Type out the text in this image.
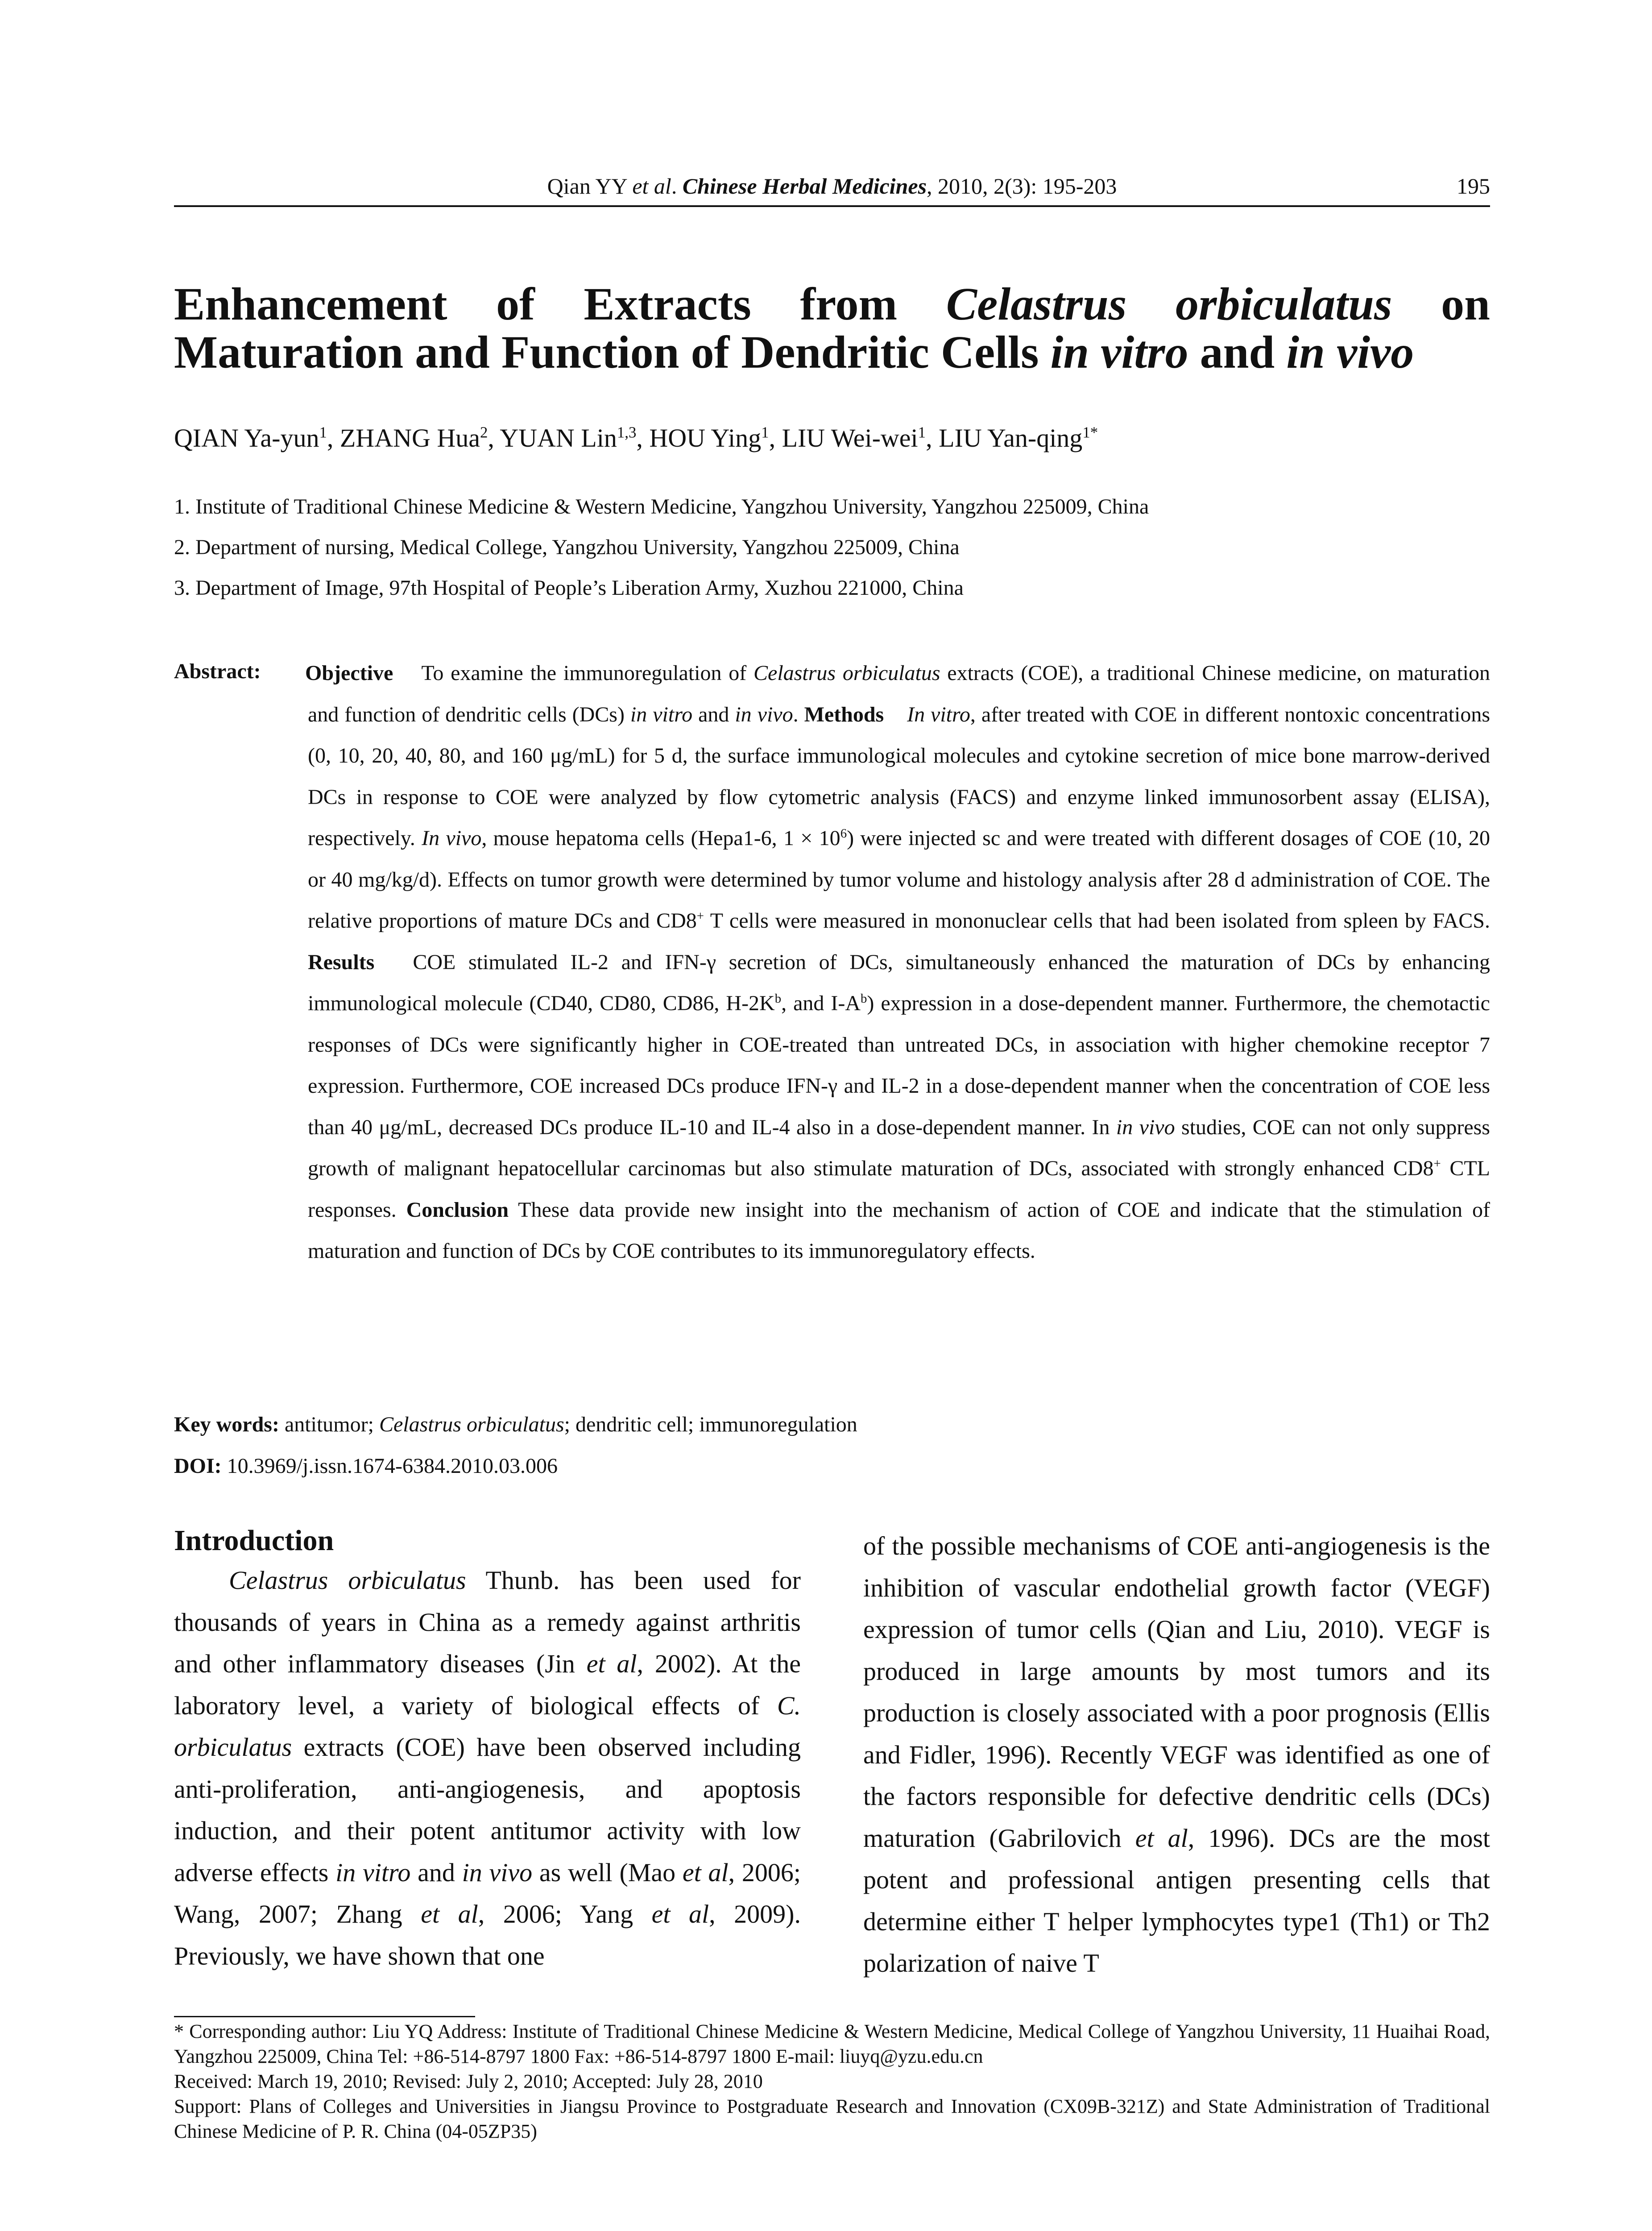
Qian YY et al. Chinese Herbal Medicines, 2010, 2(3): 195-203	195
Enhancement of Extracts from Celastrus orbiculatus on
Maturation and Function of Dendritic Cells in vitro and in vivo
QIAN Ya-yun$^1$, ZHANG Hua$^2$, YUAN Lin$^{1,3}$, HOU Ying$^1$, LIU Wei-wei$^1$, LIU Yan-qing$^{1*}$
1. Institute of Traditional Chinese Medicine & Western Medicine, Yangzhou University, Yangzhou 225009, China
2. Department of nursing, Medical College, Yangzhou University, Yangzhou 225009, China
3. Department of Image, 97th Hospital of People’s Liberation Army, Xuzhou 221000, China
Abstract: Objective To examine the immunoregulation of Celastrus orbiculatus extracts (COE), a traditional Chinese medicine, on maturation and function of dendritic cells (DCs) in vitro and in vivo. Methods In vitro, after treated with COE in different nontoxic concentrations (0, 10, 20, 40, 80, and 160 μg/mL) for 5 d, the surface immunological molecules and cytokine secretion of mice bone marrow-derived DCs in response to COE were analyzed by flow cytometric analysis (FACS) and enzyme linked immunosorbent assay (ELISA), respectively. In vivo, mouse hepatoma cells (Hepa1-6, $1 \times 10^6$) were injected sc and were treated with different dosages of COE (10, 20 or 40 mg/kg/d). Effects on tumor growth were determined by tumor volume and histology analysis after 28 d administration of COE. The relative proportions of mature DCs and CD8+ T cells were measured in mononuclear cells that had been isolated from spleen by FACS. Results COE stimulated IL-2 and IFN-γ secretion of DCs, simultaneously enhanced the maturation of DCs by enhancing immunological molecule (CD40, CD80, CD86, $H-2K^b$, and $I-A^b$) expression in a dose-dependent manner. Furthermore, the chemotactic responses of DCs were significantly higher in COE-treated than untreated DCs, in association with higher chemokine receptor 7 expression. Furthermore, COE increased DCs produce IFN-γ and IL-2 in a dose-dependent manner when the concentration of COE less than 40 μg/mL, decreased DCs produce IL-10 and IL-4 also in a dose-dependent manner. In in vivo studies, COE can not only suppress growth of malignant hepatocellular carcinomas but also stimulate maturation of DCs, associated with strongly enhanced CD8+ CTL responses. Conclusion These data provide new insight into the mechanism of action of COE and indicate that the stimulation of maturation and function of DCs by COE contributes to its immunoregulatory effects.
Key words: antitumor; Celastrus orbiculatus; dendritic cell; immunoregulation
DOI: 10.3969/j.issn.1674-6384.2010.03.006
Introduction

Celastrus orbiculatus Thunb. has been used for thousands of years in China as a remedy against arthritis and other inflammatory diseases (Jin et al, 2002). At the laboratory level, a variety of biological effects of C. orbiculatus extracts (COE) have been observed including anti-proliferation, anti-angiogenesis, and apoptosis induction, and their potent antitumor activity with low adverse effects in vitro and in vivo as well (Mao et al, 2006; Wang, 2007; Zhang et al, 2006; Yang et al, 2009). Previously, we have shown that one

of the possible mechanisms of COE anti-angiogenesis is the inhibition of vascular endothelial growth factor (VEGF) expression of tumor cells (Qian and Liu, 2010). VEGF is produced in large amounts by most tumors and its production is closely associated with a poor prognosis (Ellis and Fidler, 1996). Recently VEGF was identified as one of the factors responsible for defective dendritic cells (DCs) maturation (Gabrilovich et al, 1996). DCs are the most potent and professional antigen presenting cells that determine either T helper lymphocytes type1 (Th1) or Th2 polarization of naive T

* Corresponding author: Liu YQ Address: Institute of Traditional Chinese Medicine & Western Medicine, Medical College of Yangzhou University, 11 Huaihai Road, Yangzhou 225009, China Tel: +86-514-8797 1800 Fax: +86-514-8797 1800 E-mail: liuyq@yzu.edu.cn

Received: March 19, 2010; Revised: July 2, 2010; Accepted: July 28, 2010

Support: Plans of Colleges and Universities in Jiangsu Province to Postgraduate Research and Innovation (CX09B-321Z) and State Administration of Traditional Chinese Medicine of P. R. China (04-05ZP35)
